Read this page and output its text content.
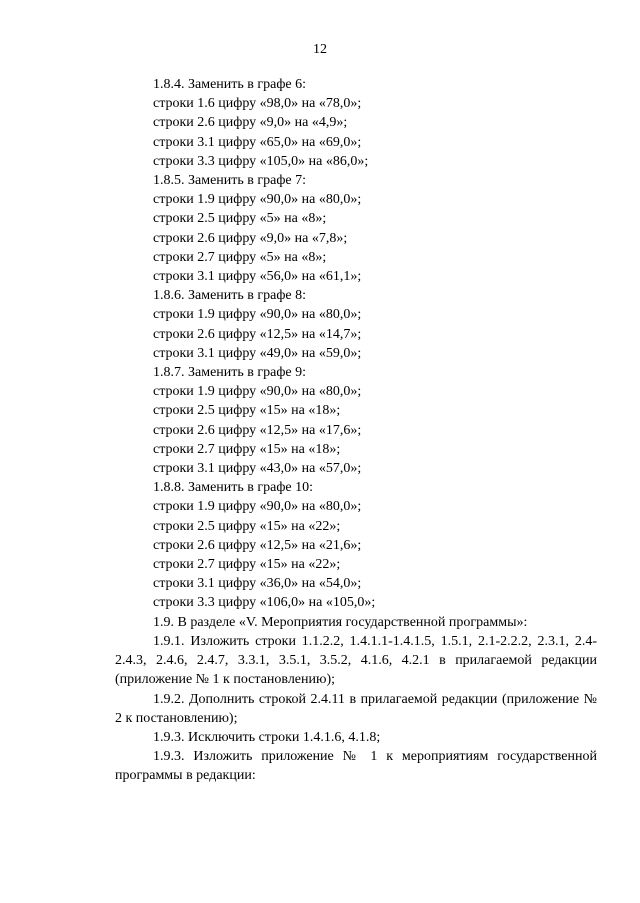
12
1.8.4. Заменить в графе 6:
строки 1.6 цифру «98,0» на «78,0»;
строки 2.6 цифру «9,0» на «4,9»;
строки 3.1 цифру «65,0» на «69,0»;
строки 3.3 цифру «105,0» на «86,0»;
1.8.5. Заменить в графе 7:
строки 1.9 цифру «90,0» на «80,0»;
строки 2.5 цифру «5» на «8»;
строки 2.6 цифру «9,0» на «7,8»;
строки 2.7 цифру «5» на «8»;
строки 3.1 цифру «56,0» на «61,1»;
1.8.6. Заменить в графе 8:
строки 1.9 цифру «90,0» на «80,0»;
строки 2.6 цифру «12,5» на «14,7»;
строки 3.1 цифру «49,0» на «59,0»;
1.8.7. Заменить в графе 9:
строки 1.9 цифру «90,0» на «80,0»;
строки 2.5 цифру «15» на «18»;
строки 2.6 цифру «12,5» на «17,6»;
строки 2.7 цифру «15» на «18»;
строки 3.1 цифру «43,0» на «57,0»;
1.8.8. Заменить в графе 10:
строки 1.9 цифру «90,0» на «80,0»;
строки 2.5 цифру «15» на «22»;
строки 2.6 цифру «12,5» на «21,6»;
строки 2.7 цифру «15» на «22»;
строки 3.1 цифру «36,0» на «54,0»;
строки 3.3 цифру «106,0» на «105,0»;
1.9. В разделе «V. Мероприятия государственной программы»:
1.9.1. Изложить строки 1.1.2.2, 1.4.1.1-1.4.1.5, 1.5.1, 2.1-2.2.2, 2.3.1, 2.4-2.4.3, 2.4.6, 2.4.7, 3.3.1, 3.5.1, 3.5.2, 4.1.6, 4.2.1 в прилагаемой редакции (приложение № 1 к постановлению);
1.9.2. Дополнить строкой 2.4.11 в прилагаемой редакции (приложение № 2 к постановлению);
1.9.3. Исключить строки 1.4.1.6, 4.1.8;
1.9.3. Изложить приложение № 1 к мероприятиям государственной программы в редакции:
